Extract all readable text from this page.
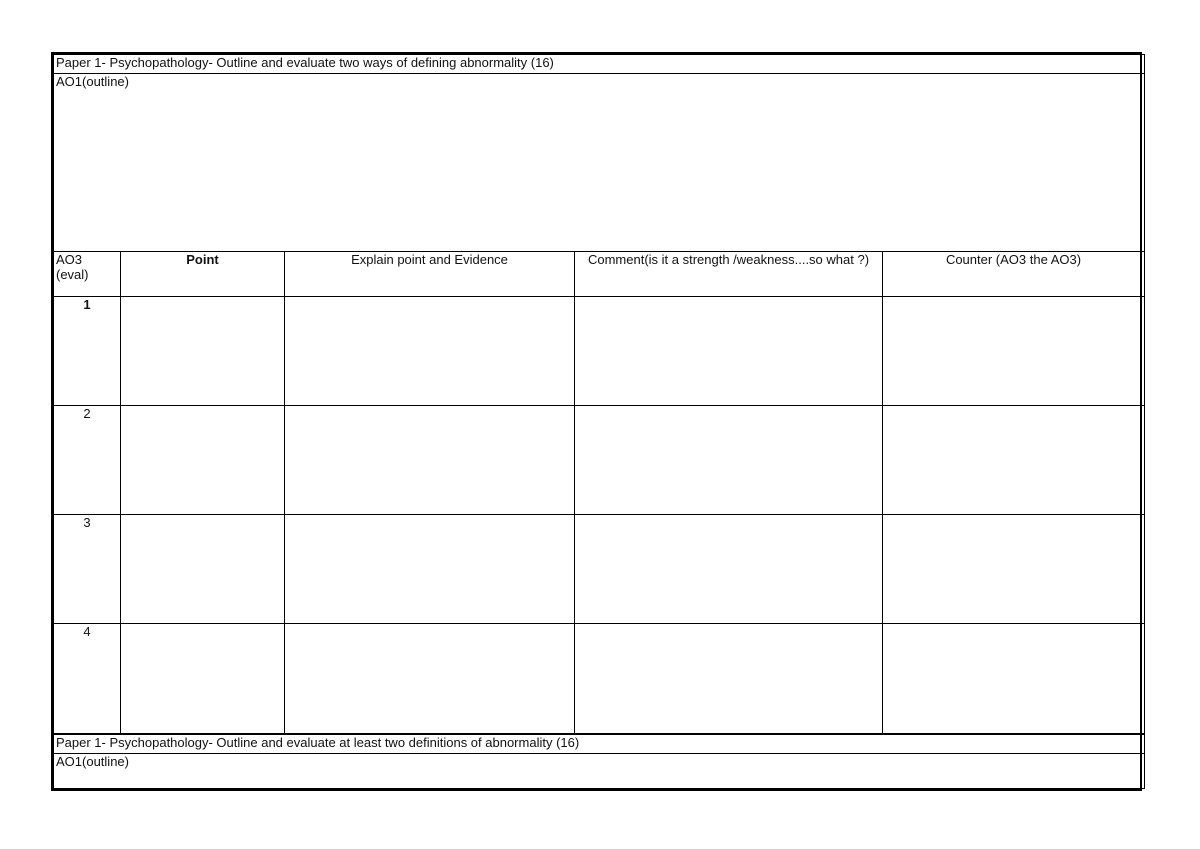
Paper 1- Psychopathology- Outline and evaluate two ways of defining abnormality (16)				
AO1(outline)				
AO3 (eval)	Point	Explain point and Evidence	Comment(is it a strength /weakness....so what ?)	Counter (AO3 the AO3)
1				
2				
3				
4				
Paper 1- Psychopathology- Outline and evaluate at least two definitions of abnormality (16)				
AO1(outline)				
